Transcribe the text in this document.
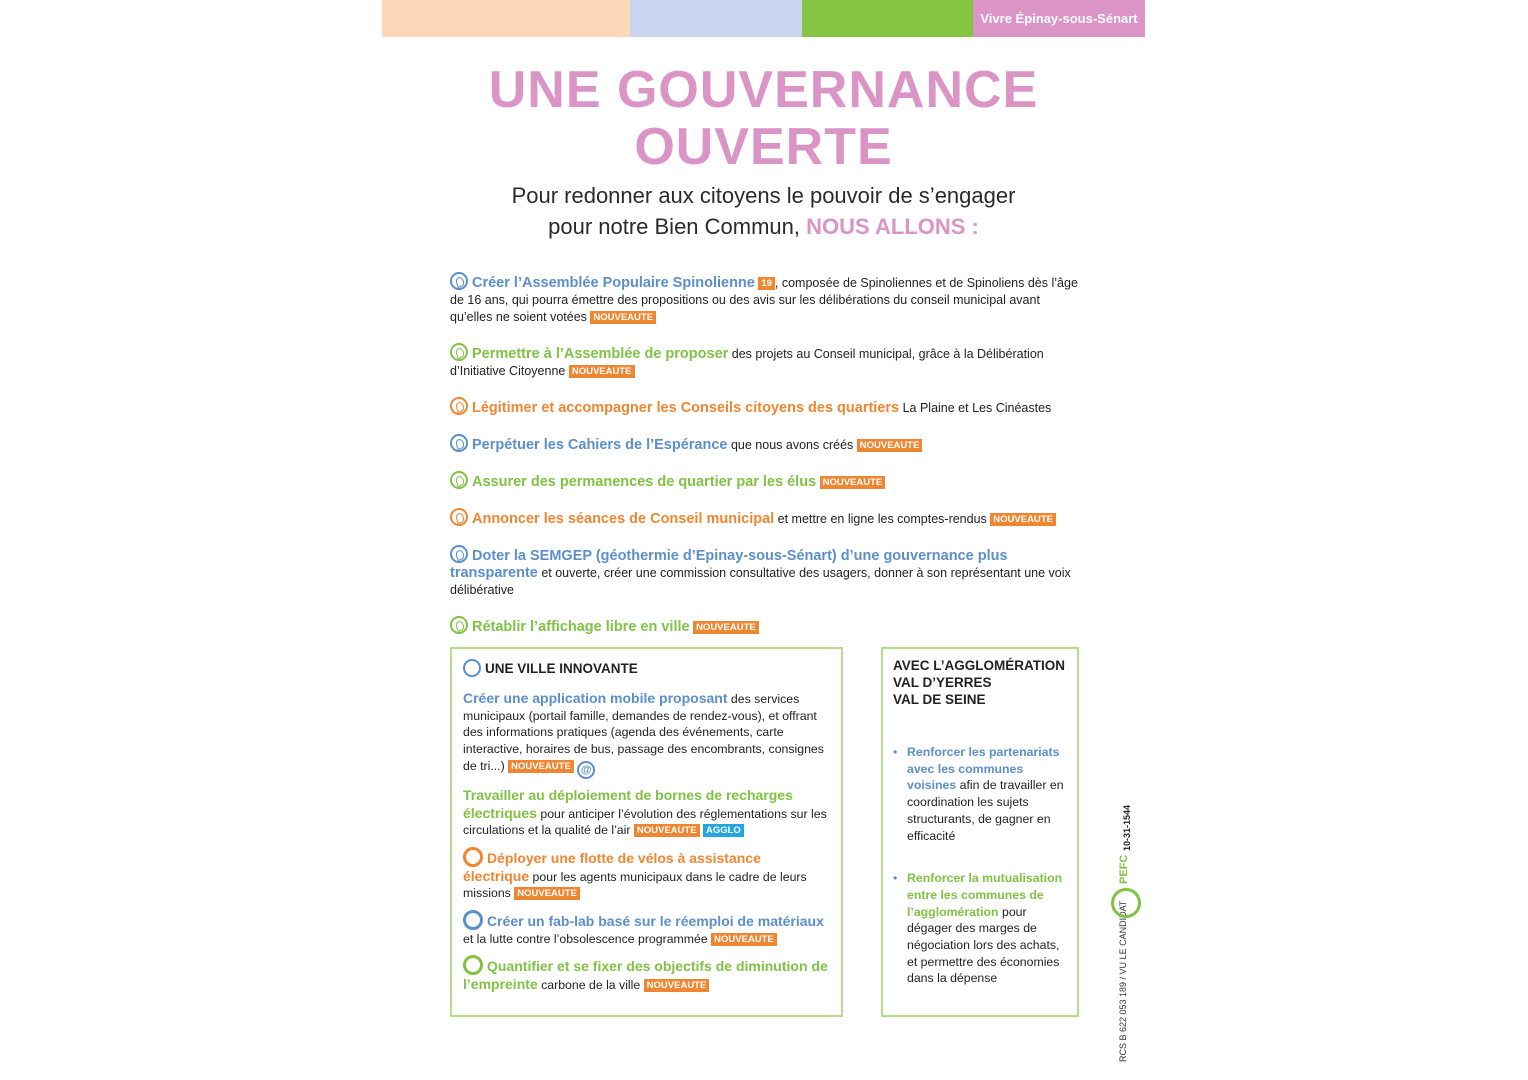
Vivre Épinay-sous-Sénart
UNE GOUVERNANCE
OUVERTE
Pour redonner aux citoyens le pouvoir de s’engager
pour notre Bien Commun, NOUS ALLONS :
Créer l’Assemblée Populaire Spinolienne 19 , composée de Spinoliennes et de Spinoliens dès l’âge de 16 ans, qui pourra émettre des propositions ou des avis sur les délibérations du conseil municipal avant qu’elles ne soient votées NOUVEAUTE
Permettre à l’Assemblée de proposer des projets au Conseil municipal, grâce à la Délibération d’Initiative Citoyenne NOUVEAUTE
Légitimer et accompagner les Conseils citoyens des quartiers La Plaine et Les Cinéastes
Perpétuer les Cahiers de l’Espérance que nous avons créés NOUVEAUTE
Assurer des permanences de quartier par les élus NOUVEAUTE
Annoncer les séances de Conseil municipal et mettre en ligne les comptes-rendus NOUVEAUTE
Doter la SEMGEP (géothermie d’Epinay-sous-Sénart) d’une gouvernance plus transparente et ouverte, créer une commission consultative des usagers, donner à son représentant une voix délibérative
Rétablir l’affichage libre en ville NOUVEAUTE
UNE VILLE INNOVANTE
Créer une application mobile proposant des services municipaux (portail famille, demandes de rendez-vous), et offrant des informations pratiques (agenda des événements, carte interactive, horaires de bus, passage des encombrants, consignes de tri...) NOUVEAUTE @
Travailler au déploiement de bornes de recharges électriques pour anticiper l’évolution des réglementations sur les circulations et la qualité de l’air NOUVEAUTE AGGLO
Déployer une flotte de vélos à assistance électrique pour les agents municipaux dans le cadre de leurs missions NOUVEAUTE
Créer un fab-lab basé sur le réemploi de matériaux et la lutte contre l’obsolescence programmée NOUVEAUTE
Quantifier et se fixer des objectifs de diminution de l’empreinte carbone de la ville NOUVEAUTE
AVEC L’AGGLOMÉRATION
VAL D’YERRES
VAL DE SEINE
• Renforcer les partenariats avec les communes voisines afin de travailler en coordination les sujets structurants, de gagner en efficacité
• Renforcer la mutualisation entre les communes de l’agglomération pour dégager des marges de négociation lors des achats, et permettre des économies dans la dépense	RCS B 622 053 189 / VU LE CANDIDAT
PEFC
10-31-1544
